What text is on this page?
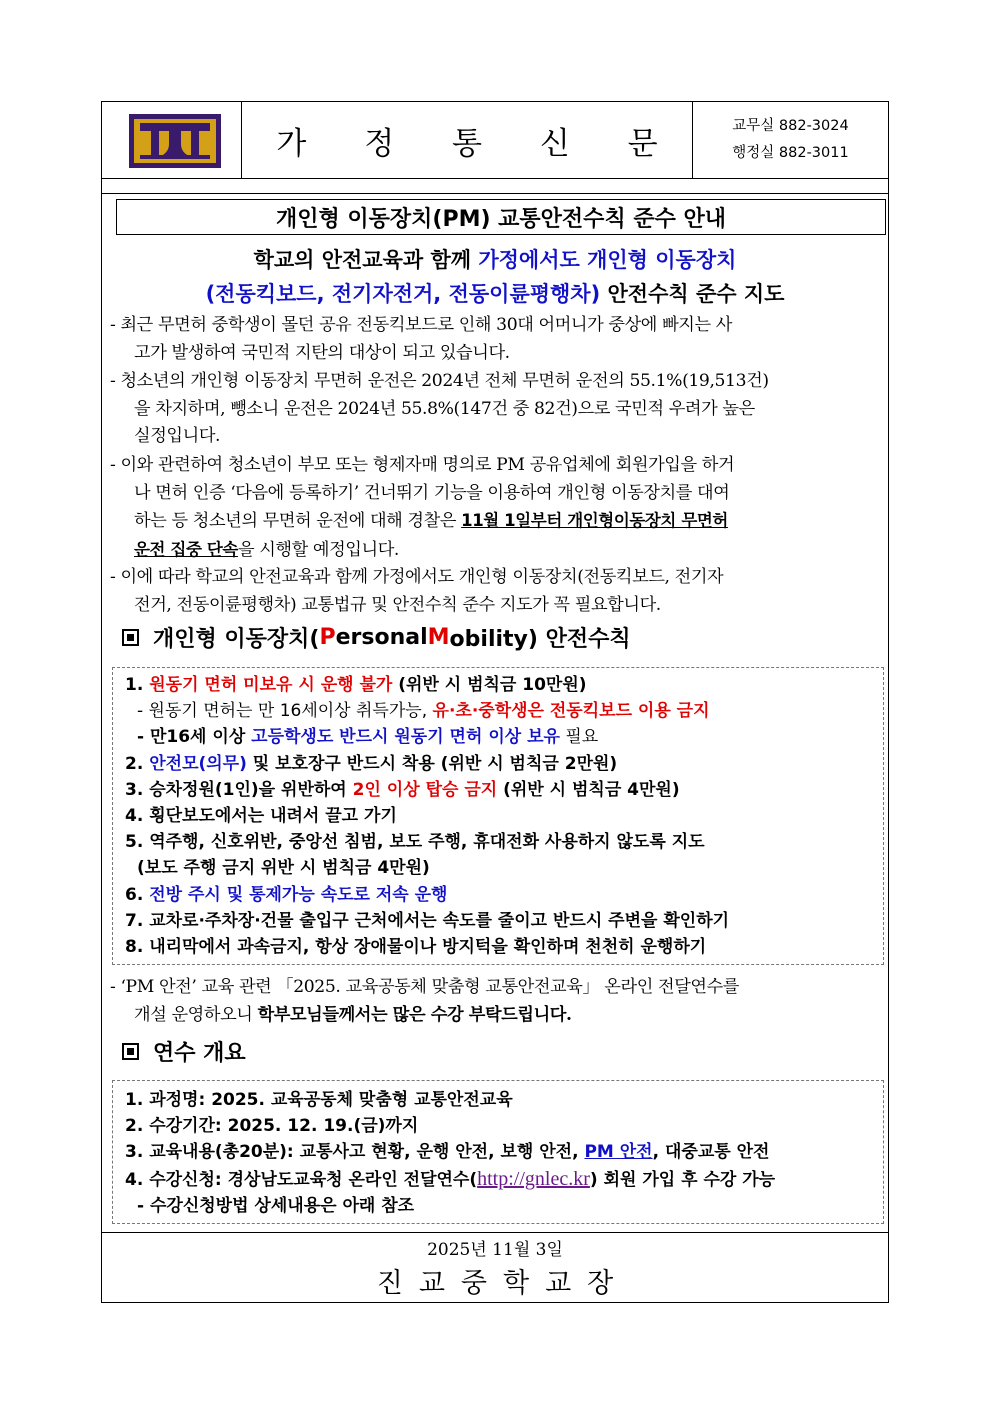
가 정 통 신 문	교무실 882-3024
행정실 882-3011
개인형 이동장치(PM) 교통안전수칙 준수 안내
학교의 안전교육과 함께 가정에서도 개인형 이동장치
(전동킥보드, 전기자전거, 전동이륜평행차) 안전수칙 준수 지도
- 최근 무면허 중학생이 몰던 공유 전동킥보드로 인해 30대 어머니가 중상에 빠지는 사
고가 발생하여 국민적 지탄의 대상이 되고 있습니다.
- 청소년의 개인형 이동장치 무면허 운전은 2024년 전체 무면허 운전의 55.1%(19,513건)
을 차지하며, 뺑소니 운전은 2024년 55.8%(147건 중 82건)으로 국민적 우려가 높은
실정입니다.
- 이와 관련하여 청소년이 부모 또는 형제자매 명의로 PM 공유업체에 회원가입을 하거
나 면허 인증 ‘다음에 등록하기’ 건너뛰기 기능을 이용하여 개인형 이동장치를 대여
하는 등 청소년의 무면허 운전에 대해 경찰은 11월 1일부터 개인형이동장치 무면허
운전 집중 단속을 시행할 예정입니다.
- 이에 따라 학교의 안전교육과 함께 가정에서도 개인형 이동장치(전동킥보드, 전기자
전거, 전동이륜평행차) 교통법규 및 안전수칙 준수 지도가 꼭 필요합니다.
개인형 이동장치( P ersonal M obility) 안전수칙
1. 원동기 면허 미보유 시 운행 불가 (위반 시 범칙금 10만원)
- 원동기 면허는 만 16세이상 취득가능, 유·초·중학생은 전동킥보드 이용 금지
- 만16세 이상 고등학생도 반드시 원동기 면허 이상 보유 필요
2. 안전모(의무) 및 보호장구 반드시 착용 (위반 시 범칙금 2만원)
3. 승차정원(1인)을 위반하여 2인 이상 탑승 금지 (위반 시 범칙금 4만원)
4. 횡단보도에서는 내려서 끌고 가기
5. 역주행, 신호위반, 중앙선 침범, 보도 주행, 휴대전화 사용하지 않도록 지도
(보도 주행 금지 위반 시 범칙금 4만원)
6. 전방 주시 및 통제가능 속도로 저속 운행
7. 교차로·주차장·건물 출입구 근처에서는 속도를 줄이고 반드시 주변을 확인하기
8. 내리막에서 과속금지, 항상 장애물이나 방지턱을 확인하며 천천히 운행하기
- ‘PM 안전’ 교육 관련 「2025. 교육공동체 맞춤형 교통안전교육」 온라인 전달연수를
개설 운영하오니 학부모님들께서는 많은 수강 부탁드립니다.
연수 개요
1. 과정명: 2025. 교육공동체 맞춤형 교통안전교육
2. 수강기간: 2025. 12. 19.(금)까지
3. 교육내용(총20분): 교통사고 현황, 운행 안전, 보행 안전, PM 안전, 대중교통 안전
4. 수강신청: 경상남도교육청 온라인 전달연수(http://gnlec.kr) 회원 가입 후 수강 가능
- 수강신청방법 상세내용은 아래 참조
2025년 11월 3일
진교중학교장
